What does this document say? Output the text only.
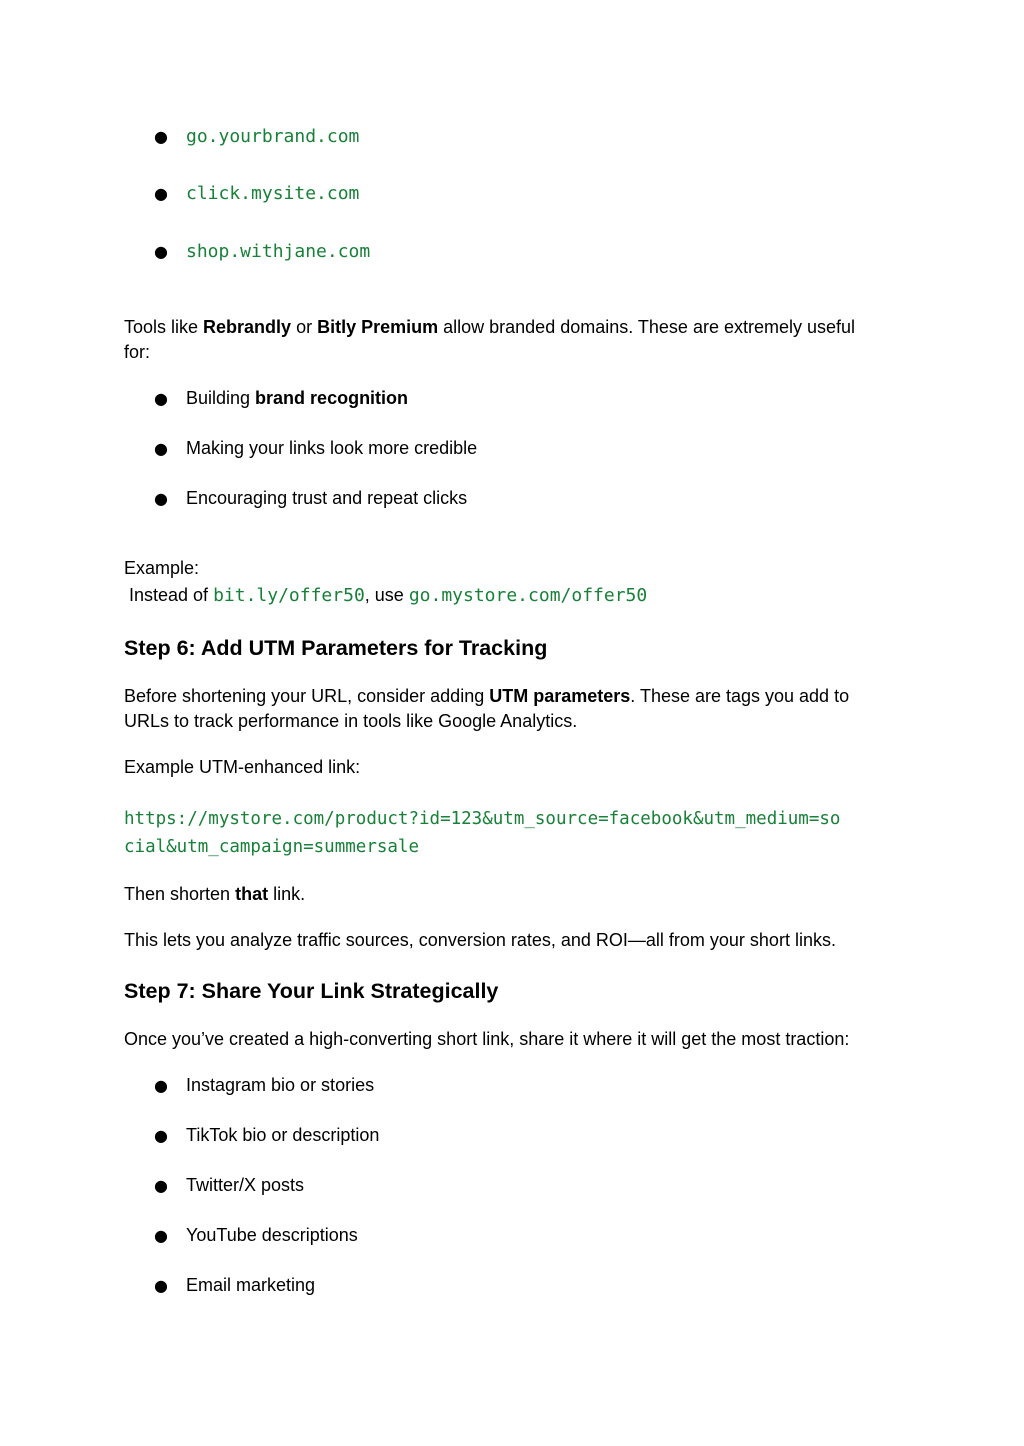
● go.yourbrand.com
● click.mysite.com
● shop.withjane.com
Tools like Rebrandly or Bitly Premium allow branded domains. These are extremely useful
for:
● Building brand recognition
● Making your links look more credible
● Encouraging trust and repeat clicks
Example:
Instead of bit.ly/offer50, use go.mystore.com/offer50
Step 6: Add UTM Parameters for Tracking
Before shortening your URL, consider adding UTM parameters. These are tags you add to
URLs to track performance in tools like Google Analytics.
Example UTM-enhanced link:
https://mystore.com/product?id=123&utm_source=facebook&utm_medium=so
cial&utm_campaign=summersale
Then shorten that link.
This lets you analyze traffic sources, conversion rates, and ROI—all from your short links.
Step 7: Share Your Link Strategically
Once you’ve created a high-converting short link, share it where it will get the most traction:
● Instagram bio or stories
● TikTok bio or description
● Twitter/X posts
● YouTube descriptions
● Email marketing
